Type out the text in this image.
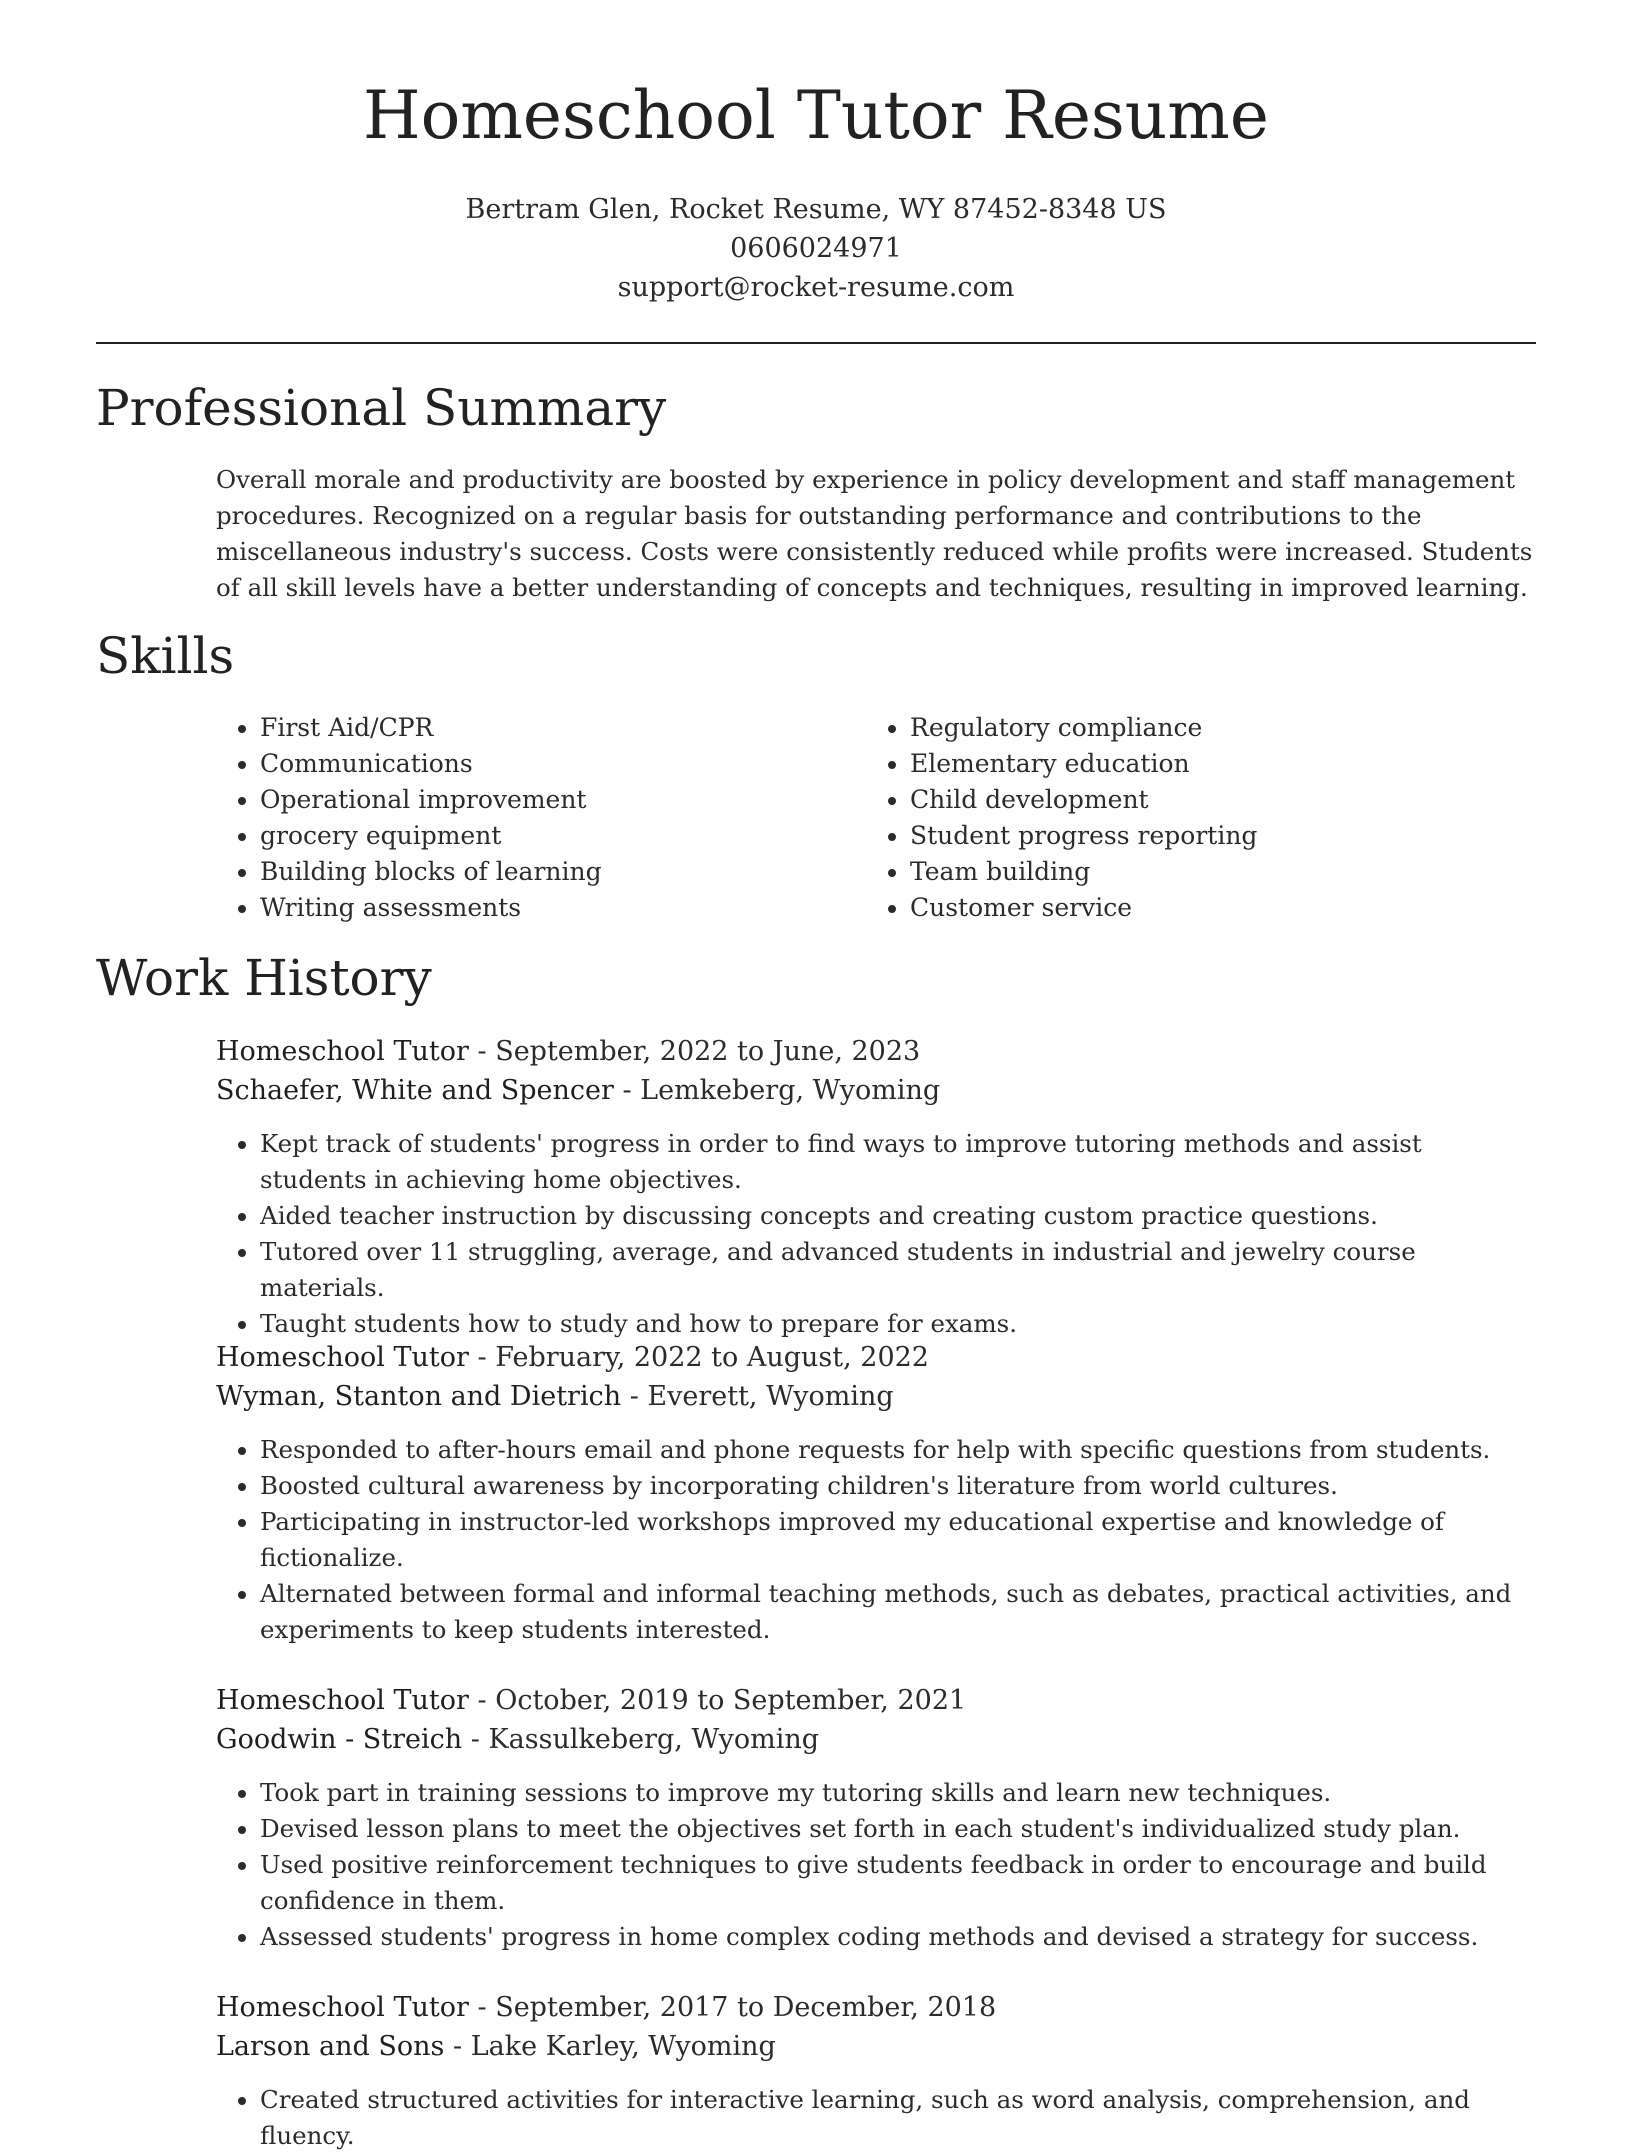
Homeschool Tutor Resume
Bertram Glen, Rocket Resume, WY 87452-8348 US
0606024971
support@rocket-resume.com
Professional Summary

Overall morale and productivity are boosted by experience in policy development and staff management procedures. Recognized on a regular basis for outstanding performance and contributions to the miscellaneous industry's success. Costs were consistently reduced while profits were increased. Students of all skill levels have a better understanding of concepts and techniques, resulting in improved learning.

Skills
• First Aid/CPR
• Communications
• Operational improvement
• grocery equipment
• Building blocks of learning
• Writing assessments
• Regulatory compliance
• Elementary education
• Child development
• Student progress reporting
• Team building
• Customer service
Work History
Homeschool Tutor - September, 2022 to June, 2023
Schaefer, White and Spencer - Lemkeberg, Wyoming
• Kept track of students' progress in order to find ways to improve tutoring methods and assist students in achieving home objectives.
• Aided teacher instruction by discussing concepts and creating custom practice questions.
• Tutored over 11 struggling, average, and advanced students in industrial and jewelry course materials.
• Taught students how to study and how to prepare for exams.
Homeschool Tutor - February, 2022 to August, 2022
Wyman, Stanton and Dietrich - Everett, Wyoming
• Responded to after-hours email and phone requests for help with specific questions from students.
• Boosted cultural awareness by incorporating children's literature from world cultures.
• Participating in instructor-led workshops improved my educational expertise and knowledge of fictionalize.
• Alternated between formal and informal teaching methods, such as debates, practical activities, and experiments to keep students interested.
Homeschool Tutor - October, 2019 to September, 2021
Goodwin - Streich - Kassulkeberg, Wyoming
• Took part in training sessions to improve my tutoring skills and learn new techniques.
• Devised lesson plans to meet the objectives set forth in each student's individualized study plan.
• Used positive reinforcement techniques to give students feedback in order to encourage and build confidence in them.
• Assessed students' progress in home complex coding methods and devised a strategy for success.
Homeschool Tutor - September, 2017 to December, 2018
Larson and Sons - Lake Karley, Wyoming
• Created structured activities for interactive learning, such as word analysis, comprehension, and fluency.
